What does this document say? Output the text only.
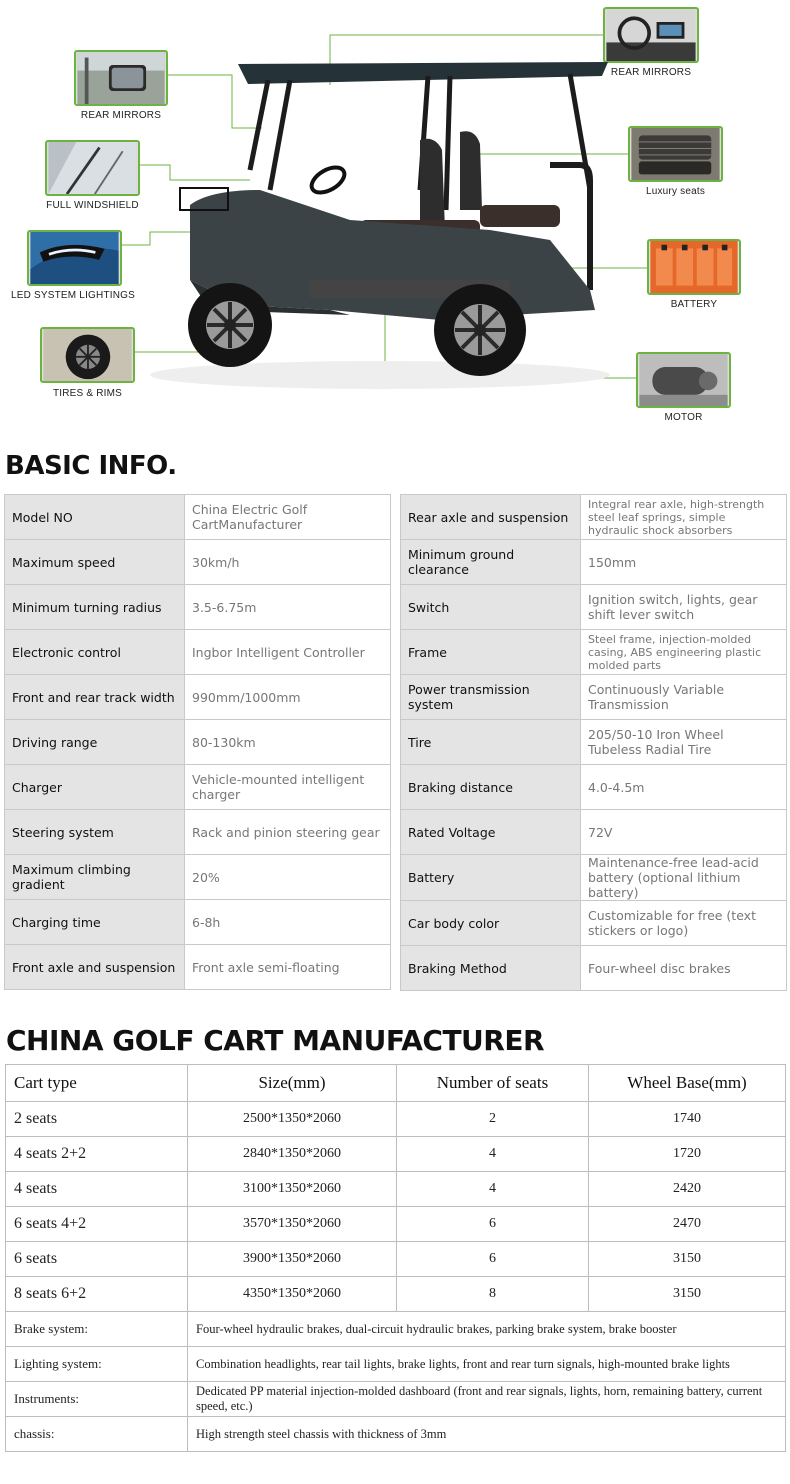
REAR MIRRORS
FULL WINDSHIELD
LED SYSTEM LIGHTINGS
TIRES & RIMS
REAR MIRRORS
Luxury seats
BATTERY
MOTOR
BASIC INFO.
Model NO	China Electric Golf CartManufacturer
Maximum speed	30km/h
Minimum turning radius	3.5-6.75m
Electronic control	Ingbor Intelligent Controller
Front and rear track width	990mm/1000mm
Driving range	80-130km
Charger	Vehicle-mounted intelligent charger
Steering system	Rack and pinion steering gear
Maximum climbing gradient	20%
Charging time	6-8h
Front axle and suspension	Front axle semi-floating
Rear axle and suspension	Integral rear axle, high-strength steel leaf springs, simple hydraulic shock absorbers
Minimum ground clearance	150mm
Switch	Ignition switch, lights, gear shift lever switch
Frame	Steel frame, injection-molded casing, ABS engineering plastic molded parts
Power transmission system	Continuously Variable Transmission
Tire	205/50-10 Iron Wheel Tubeless Radial Tire
Braking distance	4.0-4.5m
Rated Voltage	72V
Battery	Maintenance-free lead-acid battery (optional lithium battery)
Car body color	Customizable for free (text stickers or logo)
Braking Method	Four-wheel disc brakes
CHINA GOLF CART MANUFACTURER
Cart type	Size(mm)	Number of seats	Wheel Base(mm)
2 seats	2500*1350*2060	2	1740
4 seats 2+2	2840*1350*2060	4	1720
4 seats	3100*1350*2060	4	2420
6 seats 4+2	3570*1350*2060	6	2470
6 seats	3900*1350*2060	6	3150
8 seats 6+2	4350*1350*2060	8	3150
Brake system:	Four-wheel hydraulic brakes, dual-circuit hydraulic brakes, parking brake system, brake booster		
Lighting system:	Combination headlights, rear tail lights, brake lights, front and rear turn signals, high-mounted brake lights		
Instruments:	Dedicated PP material injection-molded dashboard (front and rear signals, lights, horn, remaining battery, current speed, etc.)		
chassis:	High strength steel chassis with thickness of 3mm		
